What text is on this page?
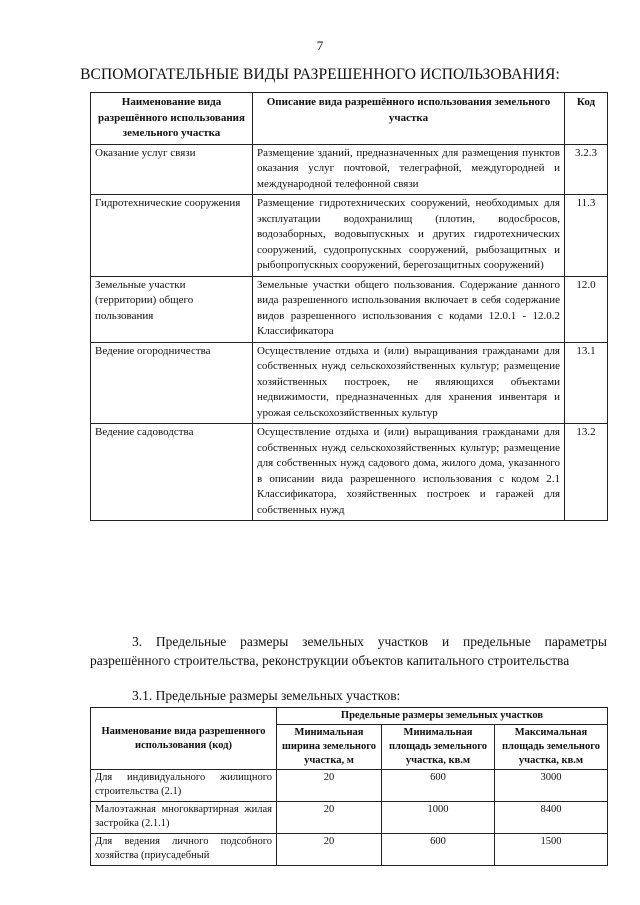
7
ВСПОМОГАТЕЛЬНЫЕ ВИДЫ РАЗРЕШЕННОГО ИСПОЛЬЗОВАНИЯ:
Наименование вида разрешённого использования земельного участка	Описание вида разрешённого использования земельного участка	Код
Оказание услуг связи	Размещение зданий, предназначенных для размещения пунктов оказания услуг почтовой, телеграфной, междугородней и международной телефонной связи	3.2.3
Гидротехнические сооружения	Размещение гидротехнических сооружений, необходимых для эксплуатации водохранилищ (плотин, водосбросов, водозаборных, водовыпускных и других гидротехнических сооружений, судопропускных сооружений, рыбозащитных и рыбопропускных сооружений, берегозащитных сооружений)	11.3
Земельные участки (территории) общего пользования	Земельные участки общего пользования. Содержание данного вида разрешенного использования включает в себя содержание видов разрешенного использования с кодами 12.0.1 - 12.0.2 Классификатора	12.0
Ведение огородничества	Осуществление отдыха и (или) выращивания гражданами для собственных нужд сельскохозяйственных культур; размещение хозяйственных построек, не являющихся объектами недвижимости, предназначенных для хранения инвентаря и урожая сельскохозяйственных культур	13.1
Ведение садоводства	Осуществление отдыха и (или) выращивания гражданами для собственных нужд сельскохозяйственных культур; размещение для собственных нужд садового дома, жилого дома, указанного в описании вида разрешенного использования с кодом 2.1 Классификатора, хозяйственных построек и гаражей для собственных нужд	13.2
3. Предельные размеры земельных участков и предельные параметры разрешённого строительства, реконструкции объектов капитального строительства
3.1. Предельные размеры земельных участков:
Наименование вида разрешенного использования (код)	Предельные размеры земельных участков		
	Минимальная ширина земельного участка, м	Минимальная площадь земельного участка, кв.м	Максимальная площадь земельного участка, кв.м
Для индивидуального жилищного строительства (2.1)	20	600	3000
Малоэтажная многоквартирная жилая застройка (2.1.1)	20	1000	8400
Для ведения личного подсобного хозяйства (приусадебный	20	600	1500
